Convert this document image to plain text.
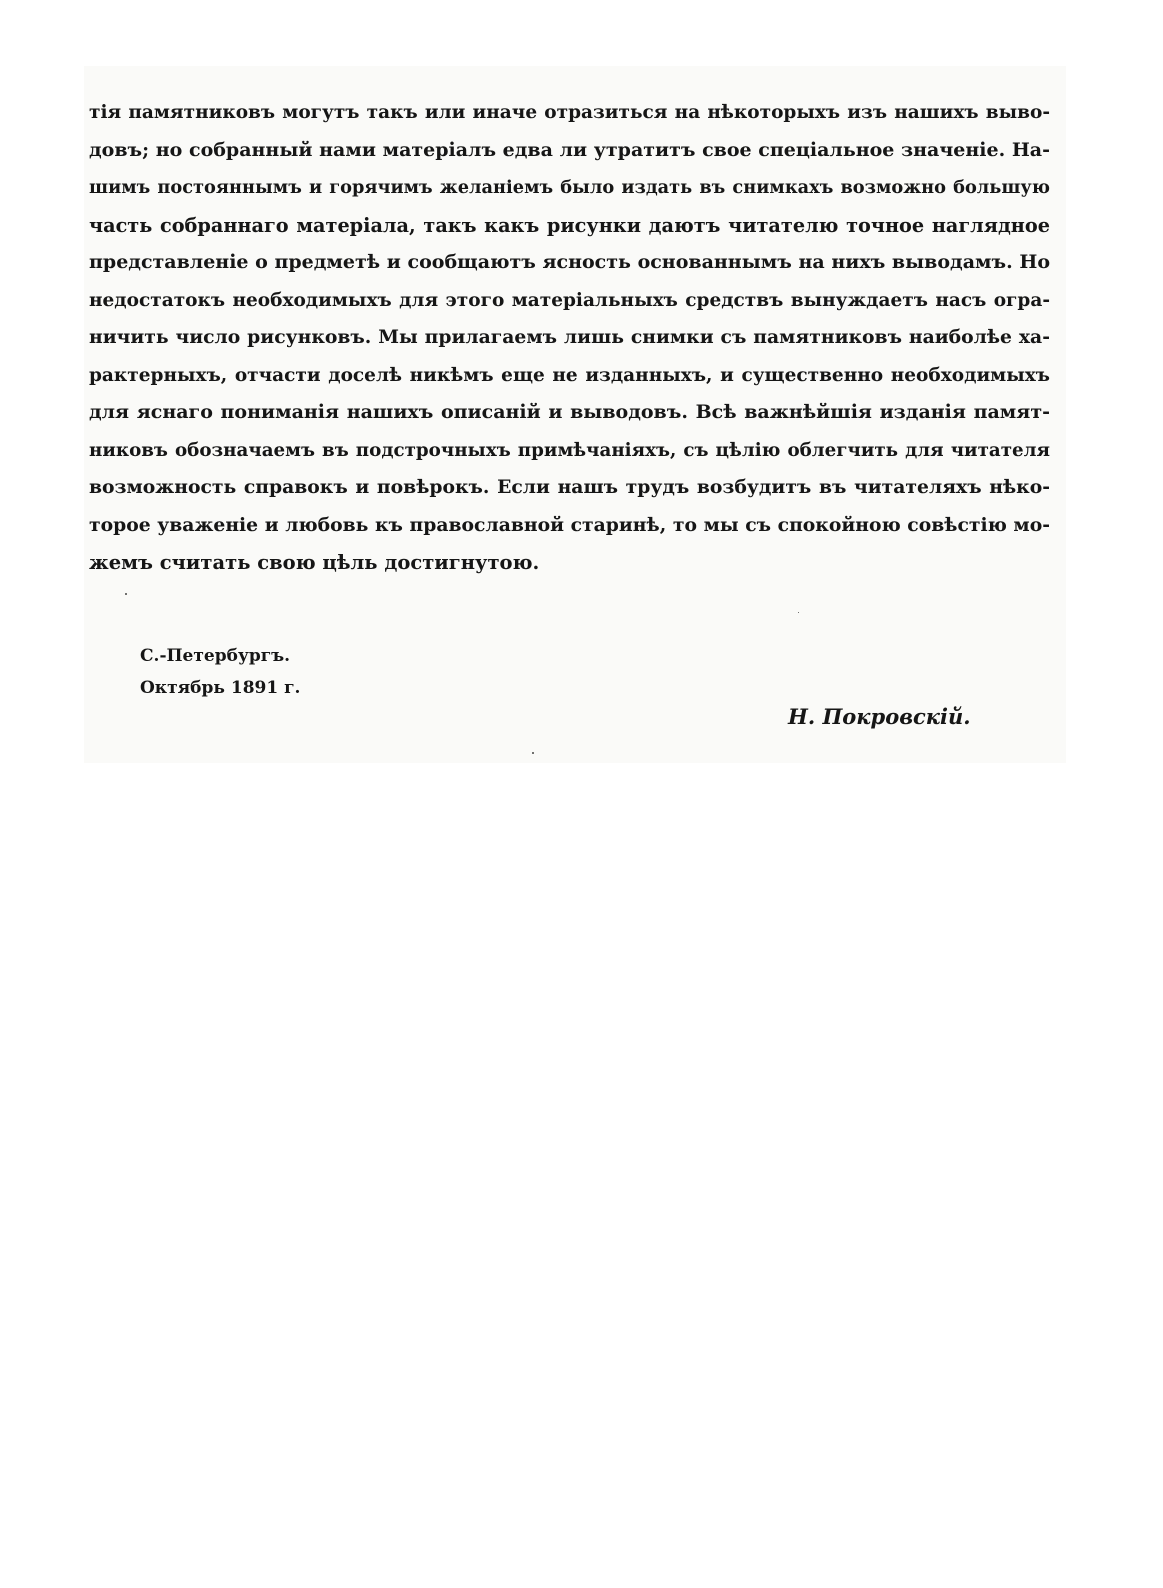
тія памятниковъ могутъ такъ или иначе отразиться на нѣкоторыхъ изъ нашихъ выво-
довъ; но собранный нами матеріалъ едва ли утратитъ свое спеціальное значеніе. На-
шимъ постояннымъ и горячимъ желаніемъ было издать въ снимкахъ возможно большую
часть собраннаго матеріала, такъ какъ рисунки даютъ читателю точное наглядное
представленіе о предметѣ и сообщаютъ ясность основаннымъ на нихъ выводамъ. Но
недостатокъ необходимыхъ для этого матеріальныхъ средствъ вынуждаетъ насъ огра-
ничить число рисунковъ. Мы прилагаемъ лишь снимки съ памятниковъ наиболѣе ха-
рактерныхъ, отчасти доселѣ никѣмъ еще не изданныхъ, и существенно необходимыхъ
для яснаго пониманія нашихъ описаній и выводовъ. Всѣ важнѣйшія изданія памят-
никовъ обозначаемъ въ подстрочныхъ примѣчаніяхъ, съ цѣлію облегчить для читателя
возможность справокъ и повѣрокъ. Если нашъ трудъ возбудитъ въ читателяхъ нѣко-
торое уваженіе и любовь къ православной старинѣ, то мы съ спокойною совѣстію мо-
жемъ считать свою цѣль достигнутою.
С.-Петербургъ.
Октябрь 1891 г.
Н. Покровскій.
